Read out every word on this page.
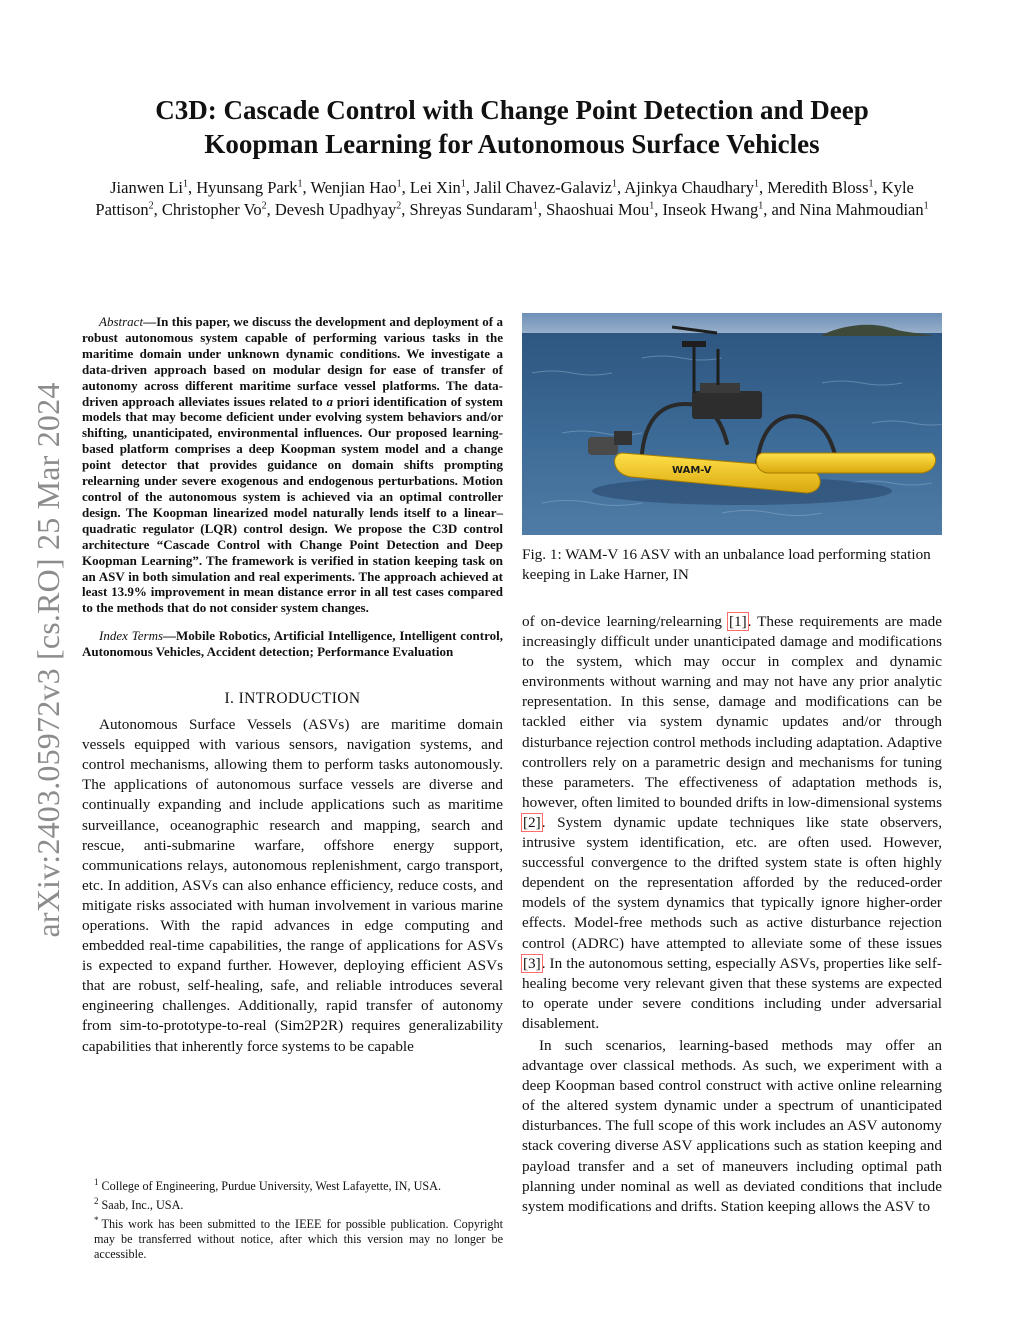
arXiv:2403.05972v3 [cs.RO] 25 Mar 2024
C3D: Cascade Control with Change Point Detection and Deep Koopman Learning for Autonomous Surface Vehicles
Jianwen Li$^1$, Hyunsang Park$^1$, Wenjian Hao$^1$, Lei Xin$^1$, Jalil Chavez-Galaviz$^1$, Ajinkya Chaudhary$^1$, Meredith Bloss$^1$, Kyle Pattison$^2$, Christopher Vo$^2$, Devesh Upadhyay$^2$, Shreyas Sundaram$^1$, Shaoshuai Mou$^1$, Inseok Hwang$^1$, and Nina Mahmoudian$^1$

Abstract—In this paper, we discuss the development and deployment of a robust autonomous system capable of performing various tasks in the maritime domain under unknown dynamic conditions. We investigate a data-driven approach based on modular design for ease of transfer of autonomy across different maritime surface vessel platforms. The data-driven approach alleviates issues related to a priori identification of system models that may become deficient under evolving system behaviors and/or shifting, unanticipated, environmental influences. Our proposed learning-based platform comprises a deep Koopman system model and a change point detector that provides guidance on domain shifts prompting relearning under severe exogenous and endogenous perturbations. Motion control of the autonomous system is achieved via an optimal controller design. The Koopman linearized model naturally lends itself to a linear–quadratic regulator (LQR) control design. We propose the C3D control architecture “Cascade Control with Change Point Detection and Deep Koopman Learning”. The framework is verified in station keeping task on an ASV in both simulation and real experiments. The approach achieved at least 13.9% improvement in mean distance error in all test cases compared to the methods that do not consider system changes.

Index Terms—Mobile Robotics, Artificial Intelligence, Intelligent control, Autonomous Vehicles, Accident detection; Performance Evaluation

I. INTRODUCTION

Autonomous Surface Vessels (ASVs) are maritime domain vessels equipped with various sensors, navigation systems, and control mechanisms, allowing them to perform tasks autonomously. The applications of autonomous surface vessels are diverse and continually expanding and include applications such as maritime surveillance, oceanographic research and mapping, search and rescue, anti-submarine warfare, offshore energy support, communications relays, autonomous replenishment, cargo transport, etc. In addition, ASVs can also enhance efficiency, reduce costs, and mitigate risks associated with human involvement in various marine operations. With the rapid advances in edge computing and embedded real-time capabilities, the range of applications for ASVs is expected to expand further. However, deploying efficient ASVs that are robust, self-healing, safe, and reliable introduces several engineering challenges. Additionally, rapid transfer of autonomy from sim-to-prototype-to-real (Sim2P2R) requires generalizability capabilities that inherently force systems to be capable

$^1$ College of Engineering, Purdue University, West Lafayette, IN, USA.

$^2$ Saab, Inc., USA.

* This work has been submitted to the IEEE for possible publication. Copyright may be transferred without notice, after which this version may no longer be accessible.

WAM-V

Fig. 1: WAM-V 16 ASV with an unbalance load performing station keeping in Lake Harner, IN

of on-device learning/relearning [1]. These requirements are made increasingly difficult under unanticipated damage and modifications to the system, which may occur in complex and dynamic environments without warning and may not have any prior analytic representation. In this sense, damage and modifications can be tackled either via system dynamic updates and/or through disturbance rejection control methods including adaptation. Adaptive controllers rely on a parametric design and mechanisms for tuning these parameters. The effectiveness of adaptation methods is, however, often limited to bounded drifts in low-dimensional systems [2]. System dynamic update techniques like state observers, intrusive system identification, etc. are often used. However, successful convergence to the drifted system state is often highly dependent on the representation afforded by the reduced-order models of the system dynamics that typically ignore higher-order effects. Model-free methods such as active disturbance rejection control (ADRC) have attempted to alleviate some of these issues [3]. In the autonomous setting, especially ASVs, properties like self-healing become very relevant given that these systems are expected to operate under severe conditions including under adversarial disablement.

In such scenarios, learning-based methods may offer an advantage over classical methods. As such, we experiment with a deep Koopman based control construct with active online relearning of the altered system dynamic under a spectrum of unanticipated disturbances. The full scope of this work includes an ASV autonomy stack covering diverse ASV applications such as station keeping and payload transfer and a set of maneuvers including optimal path planning under nominal as well as deviated conditions that include system modifications and drifts. Station keeping allows the ASV to
